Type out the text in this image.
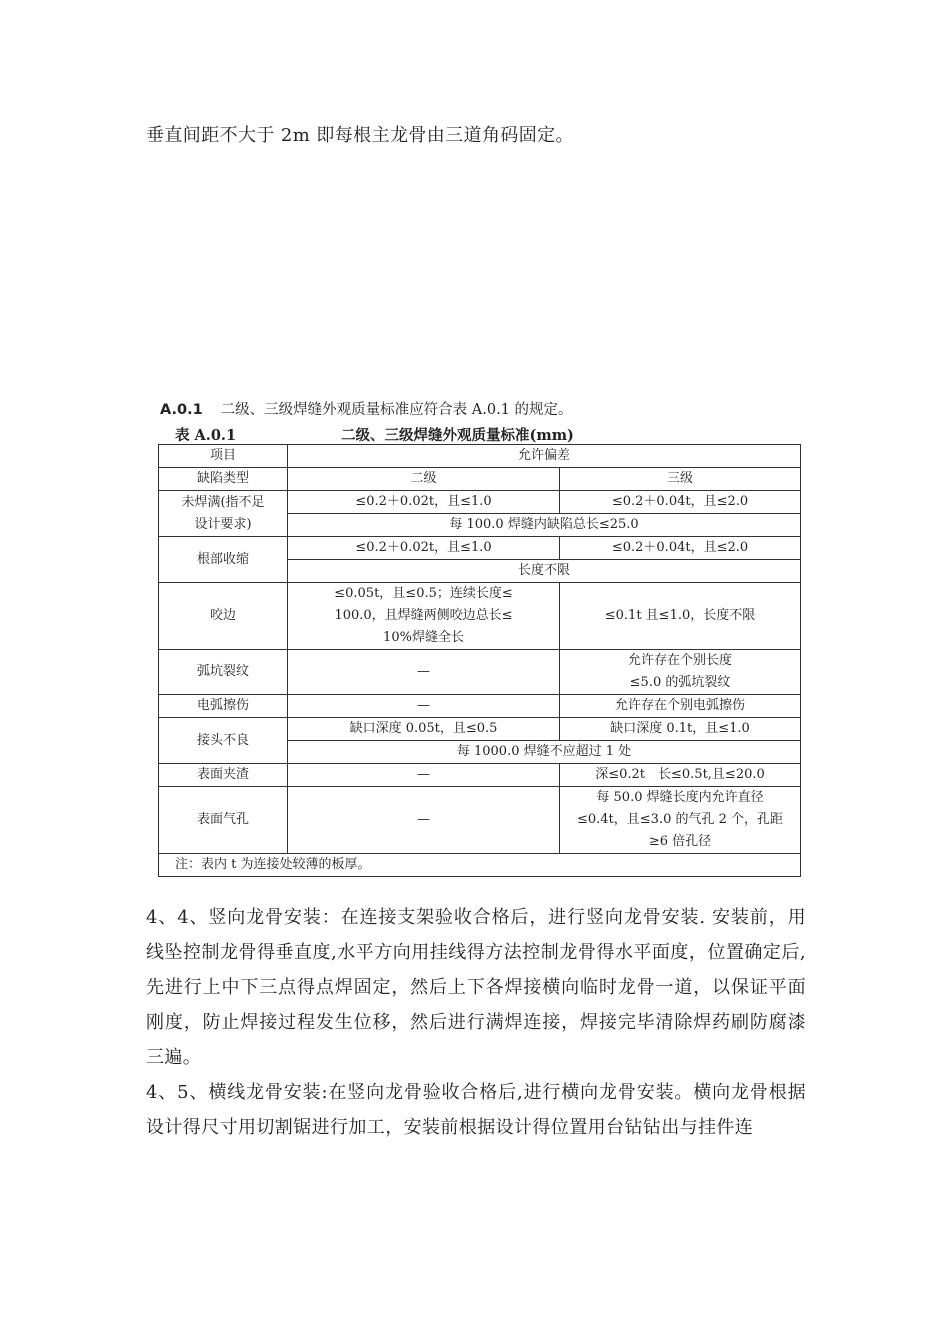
垂直间距不大于 2m 即每根主龙骨由三道角码固定。
A.0.1 二级、三级焊缝外观质量标准应符合表 A.0.1 的规定。
表 A.0.1	二级、三级焊缝外观质量标准(mm)
项目	允许偏差	
缺陷类型	二级	三级
未焊满(指不足
设计要求)	≤0.2＋0.02t，且≤1.0	≤0.2＋0.04t，且≤2.0
	每 100.0 焊缝内缺陷总长≤25.0	
根部收缩	≤0.2＋0.02t，且≤1.0	≤0.2＋0.04t，且≤2.0
	长度不限	
咬边	≤0.05t，且≤0.5；连续长度≤
100.0，且焊缝两侧咬边总长≤
10%焊缝全长	≤0.1t 且≤1.0，长度不限
弧坑裂纹	—	允许存在个别长度
≤5.0 的弧坑裂纹
电弧擦伤	—	允许存在个别电弧擦伤
接头不良	缺口深度 0.05t，且≤0.5	缺口深度 0.1t，且≤1.0
	每 1000.0 焊缝不应超过 1 处	
表面夹渣	—	深≤0.2t　长≤0.5t,且≤20.0
表面气孔	—	每 50.0 焊缝长度内允许直径
≤0.4t，且≤3.0 的气孔 2 个，孔距
≥6 倍孔径
注：表内 t 为连接处较薄的板厚。		

4、4、竖向龙骨安装：在连接支架验收合格后，进行竖向龙骨安装. 安装前，用线坠控制龙骨得垂直度,水平方向用挂线得方法控制龙骨得水平面度，位置确定后,先进行上中下三点得点焊固定，然后上下各焊接横向临时龙骨一道，以保证平面刚度，防止焊接过程发生位移，然后进行满焊连接，焊接完毕清除焊药刷防腐漆三遍。

4、5、横线龙骨安装:在竖向龙骨验收合格后,进行横向龙骨安装。横向龙骨根据设计得尺寸用切割锯进行加工，安装前根据设计得位置用台钻钻出与挂件连
